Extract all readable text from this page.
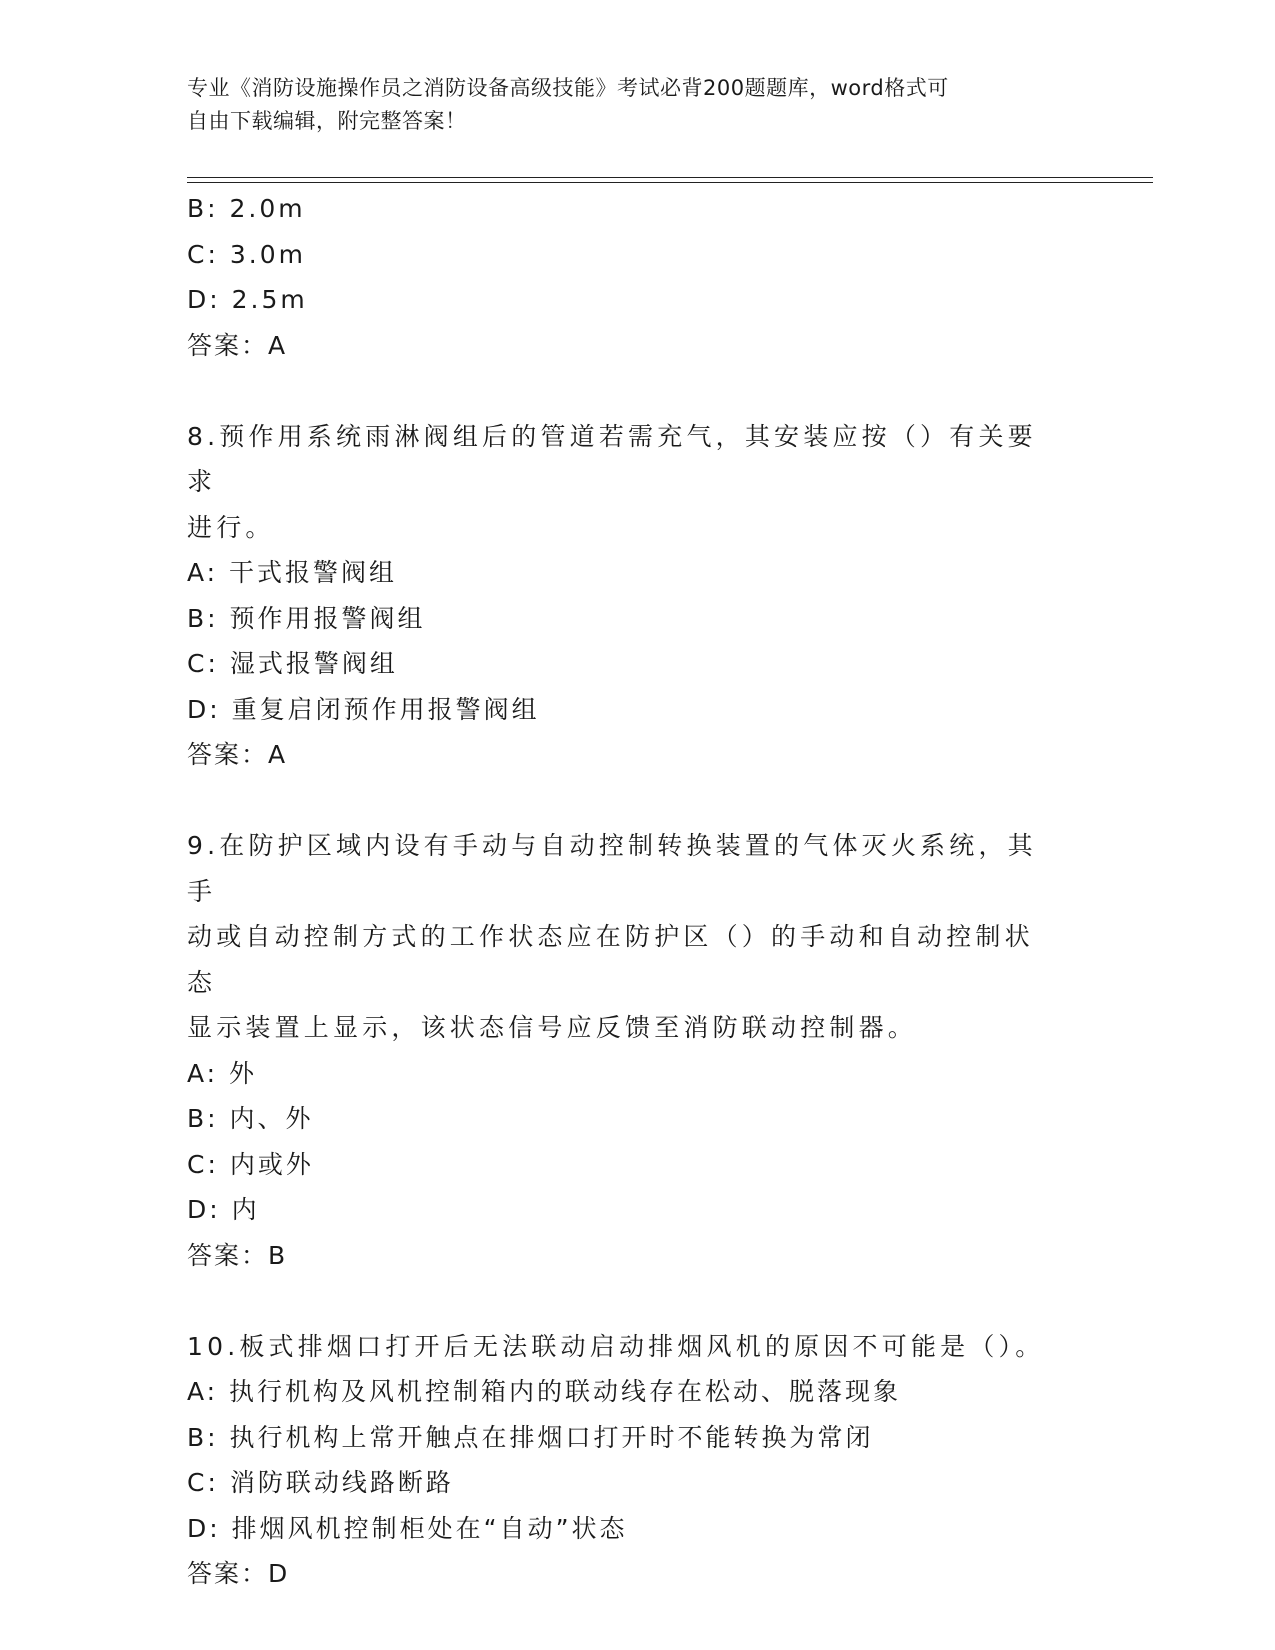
专业《消防设施操作员之消防设备高级技能》考试必背200题题库，word格式可
自由下载编辑，附完整答案！
B: 2.0m
C: 3.0m
D: 2.5m
答案：A
8.预作用系统雨淋阀组后的管道若需充气，其安装应按（）有关要求
进行。
A: 干式报警阀组
B: 预作用报警阀组
C: 湿式报警阀组
D: 重复启闭预作用报警阀组
答案：A
9.在防护区域内设有手动与自动控制转换装置的气体灭火系统，其手
动或自动控制方式的工作状态应在防护区（）的手动和自动控制状态
显示装置上显示，该状态信号应反馈至消防联动控制器。
A: 外
B: 内、外
C: 内或外
D: 内
答案：B
10.板式排烟口打开后无法联动启动排烟风机的原因不可能是（）。
A: 执行机构及风机控制箱内的联动线存在松动、脱落现象
B: 执行机构上常开触点在排烟口打开时不能转换为常闭
C: 消防联动线路断路
D: 排烟风机控制柜处在“自动”状态
答案：D
